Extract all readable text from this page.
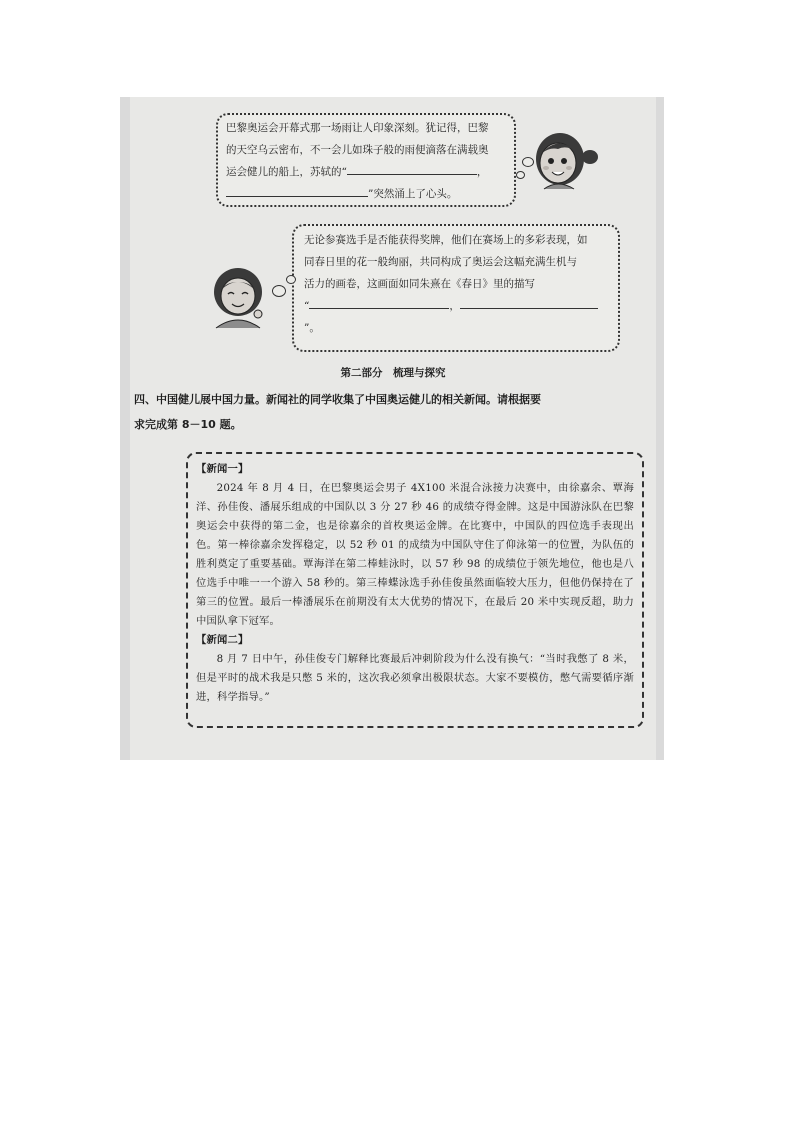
巴黎奥运会开幕式那一场雨让人印象深刻。犹记得，巴黎
的天空乌云密布，不一会儿如珠子般的雨便滴落在满载奥
运会健儿的船上，苏轼的“	，
”突然涌上了心头。
无论参赛选手是否能获得奖牌，他们在赛场上的多彩表现，如
同春日里的花一般绚丽，共同构成了奥运会这幅充满生机与
活力的画卷，这画面如同朱熹在《春日》里的描写
“	，”。
第二部分　梳理与探究
四、中国健儿展中国力量。新闻社的同学收集了中国奥运健儿的相关新闻。请根据要
求完成第 8－10 题。
【新闻一】

2024 年 8 月 4 日，在巴黎奥运会男子 4X100 米混合泳接力决赛中，由徐嘉余、覃海洋、孙佳俊、潘展乐组成的中国队以 3 分 27 秒 46 的成绩夺得金牌。这是中国游泳队在巴黎奥运会中获得的第二金，也是徐嘉余的首枚奥运金牌。在比赛中，中国队的四位选手表现出色。第一棒徐嘉余发挥稳定，以 52 秒 01 的成绩为中国队守住了仰泳第一的位置，为队伍的胜利奠定了重要基础。覃海洋在第二棒蛙泳时，以 57 秒 98 的成绩位于领先地位，他也是八位选手中唯一一个游入 58 秒的。第三棒蝶泳选手孙佳俊虽然面临较大压力，但他仍保持在了第三的位置。最后一棒潘展乐在前期没有太大优势的情况下，在最后 20 米中实现反超，助力中国队拿下冠军。

【新闻二】

8 月 7 日中午，孙佳俊专门解释比赛最后冲刺阶段为什么没有换气：“当时我憋了 8 米，但是平时的战术我是只憋 5 米的，这次我必须拿出极限状态。大家不要模仿，憋气需要循序渐进，科学指导。”
